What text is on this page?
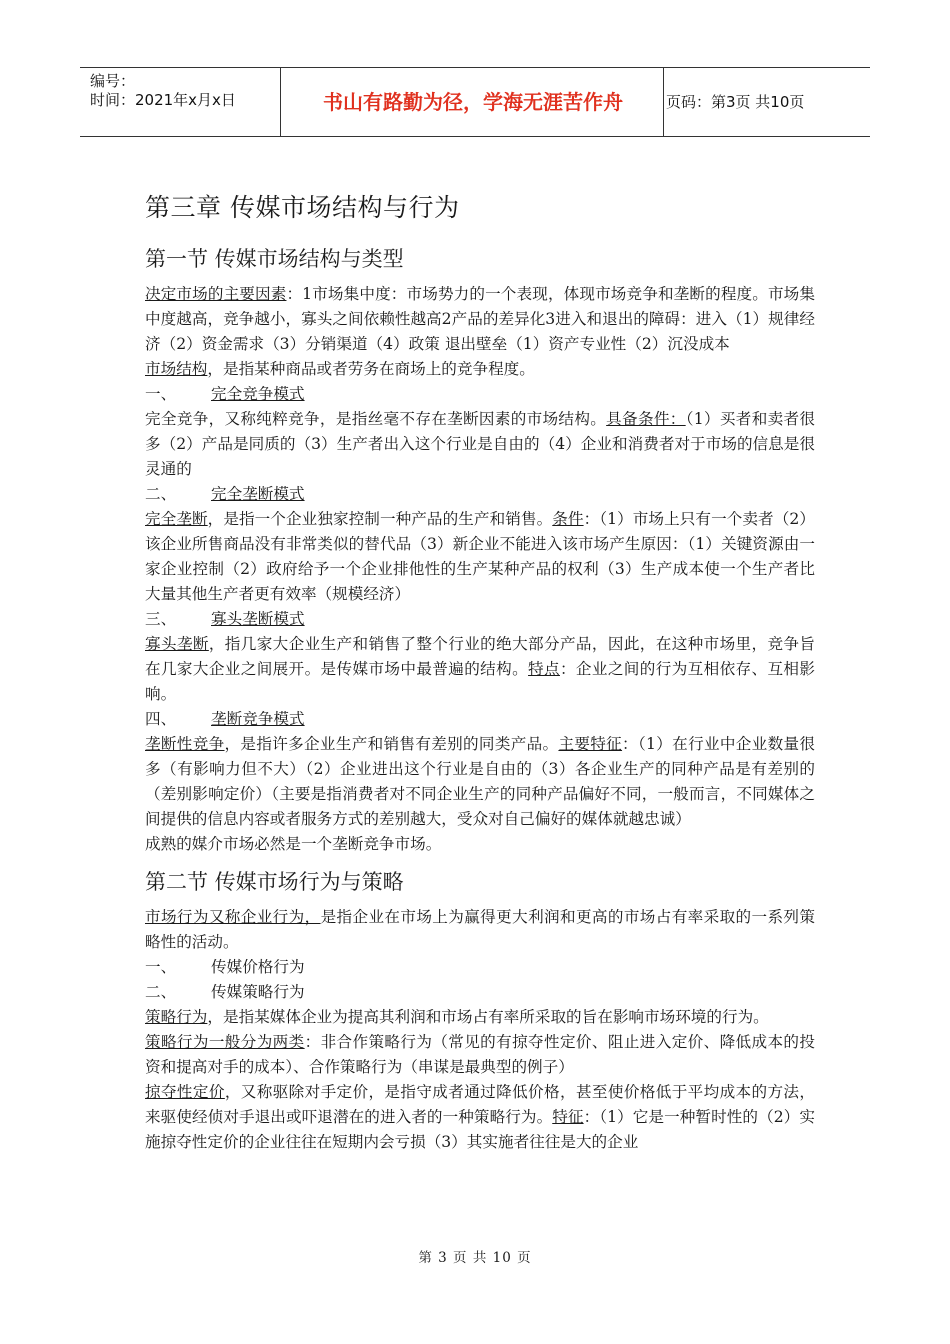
编号：
时间：2021年x月x日	书山有路勤为径，学海无涯苦作舟	页码：第3页 共10页
第三章 传媒市场结构与行为
第一节 传媒市场结构与类型

决定市场的主要因素：1市场集中度：市场势力的一个表现，体现市场竞争和垄断的程度。市场集中度越高，竞争越小，寡头之间依赖性越高2产品的差异化3进入和退出的障碍：进入（1）规律经济（2）资金需求（3）分销渠道（4）政策 退出壁垒（1）资产专业性（2）沉没成本

市场结构，是指某种商品或者劳务在商场上的竞争程度。

一、 完全竞争模式

完全竞争，又称纯粹竞争，是指丝毫不存在垄断因素的市场结构。具备条件：（1）买者和卖者很多（2）产品是同质的（3）生产者出入这个行业是自由的（4）企业和消费者对于市场的信息是很灵通的

二、 完全垄断模式

完全垄断，是指一个企业独家控制一种产品的生产和销售。条件：（1）市场上只有一个卖者（2）该企业所售商品没有非常类似的替代品（3）新企业不能进入该市场产生原因：（1）关键资源由一家企业控制（2）政府给予一个企业排他性的生产某种产品的权利（3）生产成本使一个生产者比大量其他生产者更有效率（规模经济）

三、 寡头垄断模式

寡头垄断，指几家大企业生产和销售了整个行业的绝大部分产品，因此，在这种市场里，竞争旨在几家大企业之间展开。是传媒市场中最普遍的结构。特点：企业之间的行为互相依存、互相影响。

四、 垄断竞争模式

垄断性竞争，是指许多企业生产和销售有差别的同类产品。主要特征：（1）在行业中企业数量很多（有影响力但不大）（2）企业进出这个行业是自由的（3）各企业生产的同种产品是有差别的（差别影响定价）（主要是指消费者对不同企业生产的同种产品偏好不同，一般而言，不同媒体之间提供的信息内容或者服务方式的差别越大，受众对自己偏好的媒体就越忠诚）

成熟的媒介市场必然是一个垄断竞争市场。

第二节 传媒市场行为与策略

市场行为又称企业行为，是指企业在市场上为赢得更大利润和更高的市场占有率采取的一系列策略性的活动。

一、 传媒价格行为

二、 传媒策略行为

策略行为，是指某媒体企业为提高其利润和市场占有率所采取的旨在影响市场环境的行为。

策略行为一般分为两类：非合作策略行为（常见的有掠夺性定价、阻止进入定价、降低成本的投资和提高对手的成本）、合作策略行为（串谋是最典型的例子）

掠夺性定价，又称驱除对手定价，是指守成者通过降低价格，甚至使价格低于平均成本的方法，来驱使经侦对手退出或吓退潜在的进入者的一种策略行为。特征：（1）它是一种暂时性的（2）实施掠夺性定价的企业往往在短期内会亏损（3）其实施者往往是大的企业

第 3 页 共 10 页
